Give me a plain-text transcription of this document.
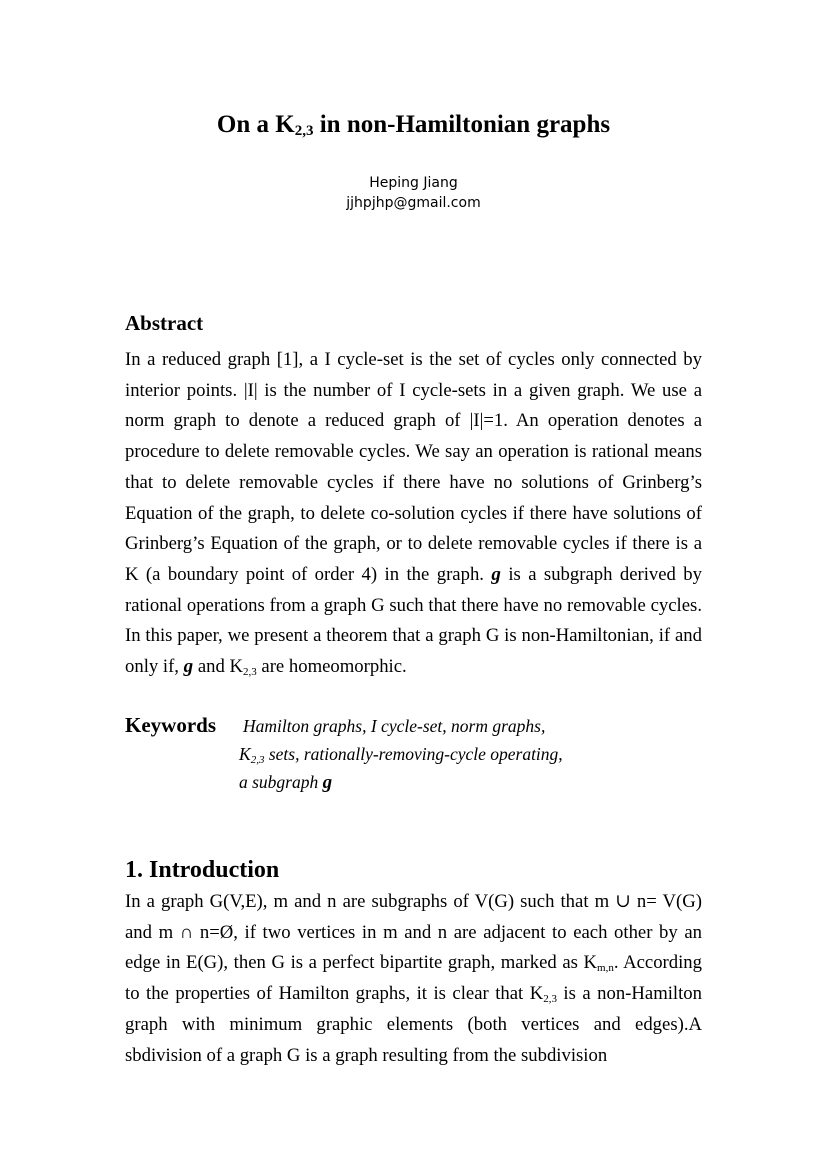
On a $K_{2,3}$ in non-Hamiltonian graphs
Heping Jiang
jjhpjhp@gmail.com
Abstract

In a reduced graph [1], a I cycle-set is the set of cycles only connected by interior points. |I| is the number of I cycle-sets in a given graph. We use a norm graph to denote a reduced graph of |I|=1. An operation denotes a procedure to delete removable cycles. We say an operation is rational means that to delete removable cycles if there have no solutions of Grinberg’s Equation of the graph, to delete co-solution cycles if there have solutions of Grinberg’s Equation of the graph, or to delete removable cycles if there is a K (a boundary point of order 4) in the graph. g is a subgraph derived by rational operations from a graph G such that there have no removable cycles. In this paper, we present a theorem that a graph G is non-Hamiltonian, if and only if, g and $K_{2,3}$ are homeomorphic.

Keywords Hamilton graphs, I cycle-set, norm graphs,
$K_{2,3}$ sets, rationally-removing-cycle operating,
a subgraph g
1. Introduction

In a graph G(V,E), m and n are subgraphs of V(G) such that m ∪ n= V(G) and m ∩ n=Ø, if two vertices in m and n are adjacent to each other by an edge in E(G), then G is a perfect bipartite graph, marked as $K_{m,n}$. According to the properties of Hamilton graphs, it is clear that $K_{2,3}$ is a non-Hamilton graph with minimum graphic elements (both vertices and edges).A sbdivision of a graph G is a graph resulting from the subdivision
